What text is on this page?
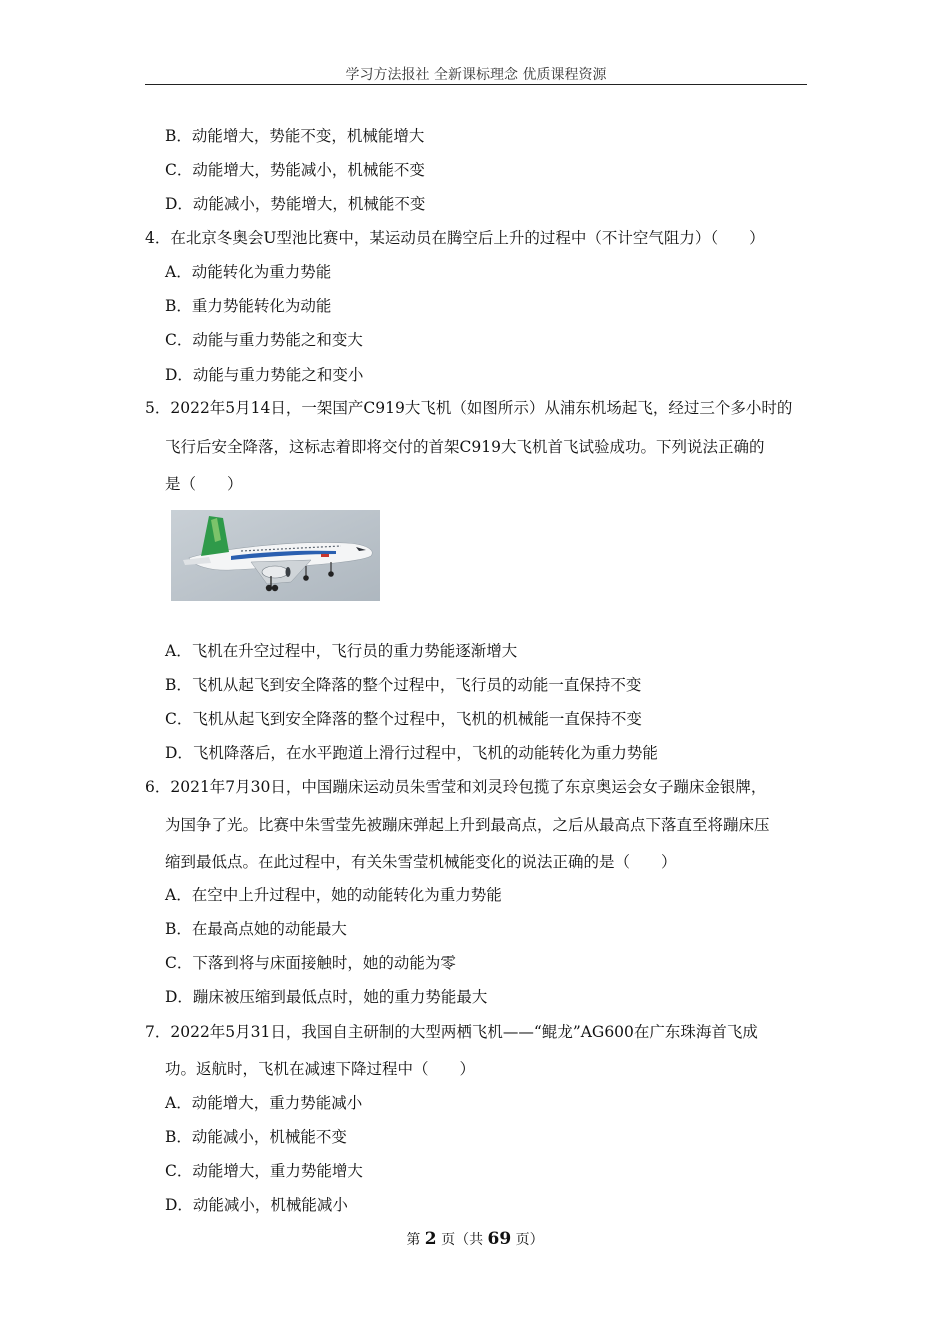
学习方法报社 全新课标理念 优质课程资源
B．动能增大，势能不变，机械能增大
C．动能增大，势能减小，机械能不变
D．动能减小，势能增大，机械能不变
4．在北京冬奥会U型池比赛中，某运动员在腾空后上升的过程中（不计空气阻力）（　　）
A．动能转化为重力势能
B．重力势能转化为动能
C．动能与重力势能之和变大
D．动能与重力势能之和变小
5．2022年5月14日，一架国产C919大飞机（如图所示）从浦东机场起飞，经过三个多小时的
飞行后安全降落，这标志着即将交付的首架C919大飞机首飞试验成功。下列说法正确的
是（　　）
A．飞机在升空过程中，飞行员的重力势能逐渐增大
B．飞机从起飞到安全降落的整个过程中，飞行员的动能一直保持不变
C．飞机从起飞到安全降落的整个过程中，飞机的机械能一直保持不变
D．飞机降落后，在水平跑道上滑行过程中，飞机的动能转化为重力势能
6．2021年7月30日，中国蹦床运动员朱雪莹和刘灵玲包揽了东京奥运会女子蹦床金银牌，
为国争了光。比赛中朱雪莹先被蹦床弹起上升到最高点，之后从最高点下落直至将蹦床压
缩到最低点。在此过程中，有关朱雪莹机械能变化的说法正确的是（　　）
A．在空中上升过程中，她的动能转化为重力势能
B．在最高点她的动能最大
C．下落到将与床面接触时，她的动能为零
D．蹦床被压缩到最低点时，她的重力势能最大
7．2022年5月31日，我国自主研制的大型两栖飞机——“鲲龙”AG600在广东珠海首飞成
功。返航时，飞机在减速下降过程中（　　）
A．动能增大，重力势能减小
B．动能减小，机械能不变
C．动能增大，重力势能增大
D．动能减小，机械能减小
第 2 页（共 69 页）
